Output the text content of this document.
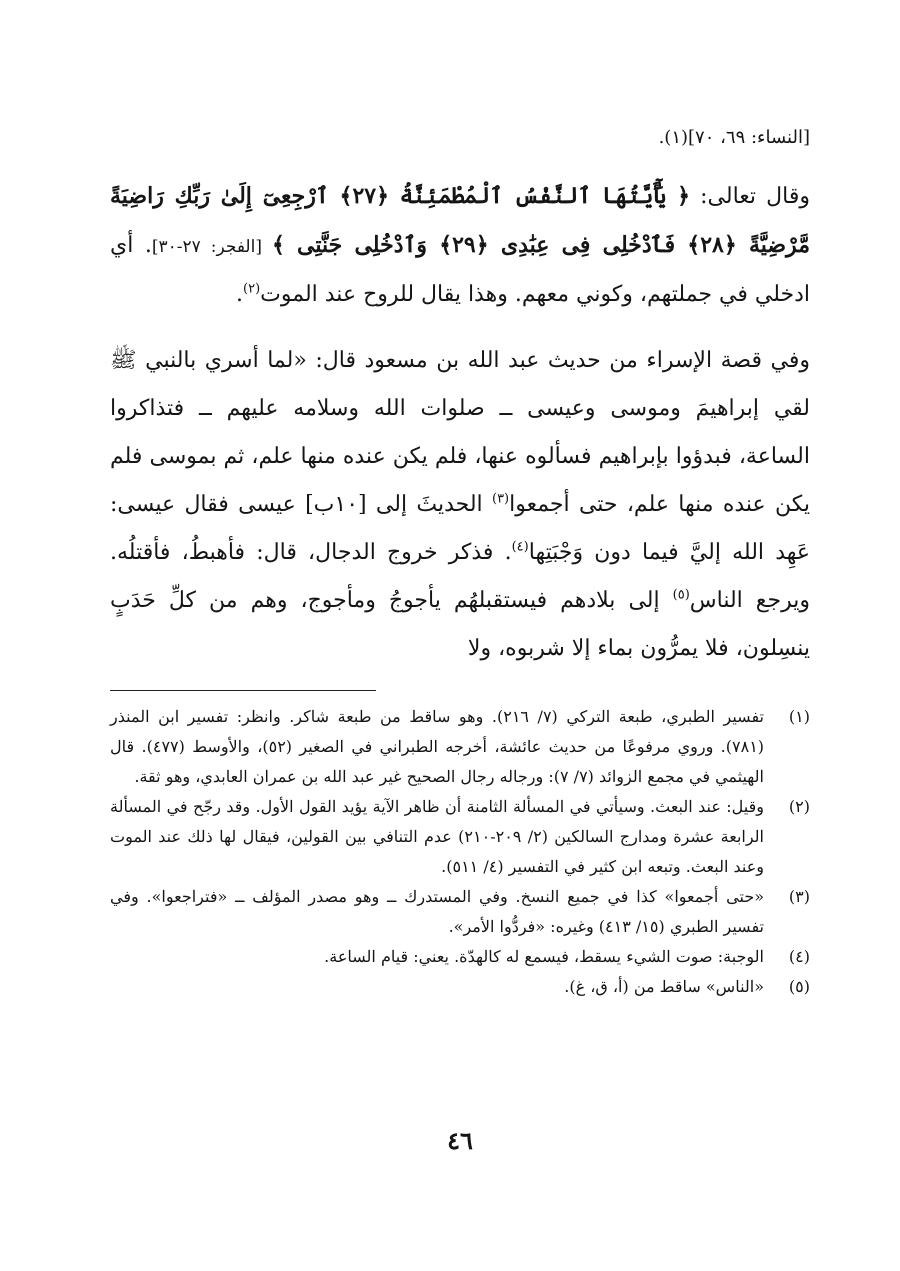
[النساء: ٦٩، ٧٠](١).

وقال تعالى: ﴿ يَٰٓأَيَّتُهَا ٱلنَّفْسُ ٱلْمُطْمَئِنَّةُ ﴿٢٧﴾ ٱرْجِعِىٓ إِلَىٰ رَبِّكِ رَاضِيَةً مَّرْضِيَّةً ﴿٢٨﴾ فَٱدْخُلِى فِى عِبَٰدِى ﴿٢٩﴾ وَٱدْخُلِى جَنَّتِى ﴾ [الفجر: ٢٧-٣٠]. أي ادخلي في جملتهم، وكوني معهم. وهذا يقال للروح عند الموت$^{(٢)}$.

وفي قصة الإسراء من حديث عبد الله بن مسعود قال: «لما أسري بالنبي ﷺ لقي إبراهيمَ وموسى وعيسى ــ صلوات الله وسلامه عليهم ــ فتذاكروا الساعة، فبدؤوا بإبراهيم فسألوه عنها، فلم يكن عنده منها علم، ثم بموسى فلم يكن عنده منها علم، حتى أجمعوا$^{(٣)}$ الحديثَ إلى [١٠ب] عيسى فقال عيسى: عَهِد الله إليَّ فيما دون وَجْبَتِها$^{(٤)}$. فذكر خروج الدجال، قال: فأهبطُ، فأقتلُه. ويرجع الناس$^{(٥)}$ إلى بلادهم فيستقبلهُم يأجوجُ ومأجوج، وهم من كلِّ حَدَبٍ ينسِلون، فلا يمرُّون بماء إلا شربوه، ولا

(١)
تفسير الطبري، طبعة التركي (٧/ ٢١٦). وهو ساقط من طبعة شاكر. وانظر: تفسير ابن المنذر (٧٨١). وروي مرفوعًا من حديث عائشة، أخرجه الطبراني في الصغير (٥٢)، والأوسط (٤٧٧). قال الهيثمي في مجمع الزوائد (٧/ ٧): ورجاله رجال الصحيح غير عبد الله بن عمران العابدي، وهو ثقة.
(٢)
وقيل: عند البعث. وسيأتي في المسألة الثامنة أن ظاهر الآية يؤيد القول الأول. وقد رجّح في المسألة الرابعة عشرة ومدارج السالكين (٢/ ٢٠٩-٢١٠) عدم التنافي بين القولين، فيقال لها ذلك عند الموت وعند البعث. وتبعه ابن كثير في التفسير (٤/ ٥١١).
(٣)
«حتى أجمعوا» كذا في جميع النسخ. وفي المستدرك ــ وهو مصدر المؤلف ــ «فتراجعوا». وفي تفسير الطبري (١٥/ ٤١٣) وغيره: «فردُّوا الأمر».
(٤)
الوجبة: صوت الشيء يسقط، فيسمع له كالهدّة. يعني: قيام الساعة.
(٥)
«الناس» ساقط من (أ، ق، غ).
٤٦
